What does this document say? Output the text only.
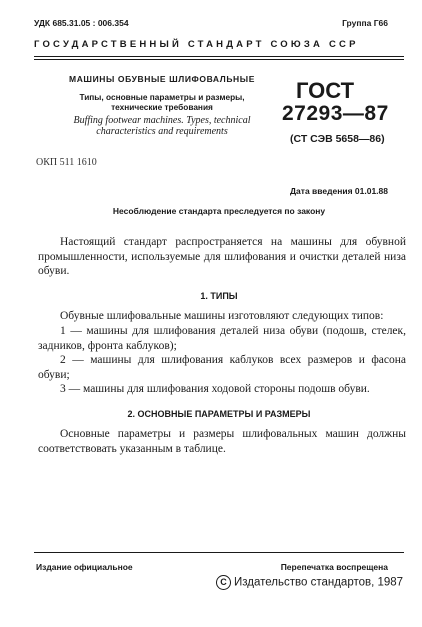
УДК 685.31.05 : 006.354	Группа Г66
ГОСУДАРСТВЕННЫЙ СТАНДАРТ СОЮЗА ССР
МАШИНЫ ОБУВНЫЕ ШЛИФОВАЛЬНЫЕ
Типы, основные параметры и размеры, технические требования
Buffing footwear machines. Types, technical characteristics and requirements
ГОСТ
27293—87
(СТ СЭВ 5658—86)
ОКП 511 1610
Дата введения 01.01.88
Несоблюдение стандарта преследуется по закону
Настоящий стандарт распространяется на машины для обувной промышленности, используемые для шлифования и очистки деталей низа обуви.
1. ТИПЫ
Обувные шлифовальные машины изготовляют следующих типов:
1 — машины для шлифования деталей низа обуви (подошв, стелек, задников, фронта каблуков);
2 — машины для шлифования каблуков всех размеров и фасона обуви;
3 — машины для шлифования ходовой стороны подошв обуви.
2. ОСНОВНЫЕ ПАРАМЕТРЫ И РАЗМЕРЫ
Основные параметры и размеры шлифовальных машин должны соответствовать указанным в таблице.
Издание официальное	Перепечатка воспрещена
С Издательство стандартов, 1987
